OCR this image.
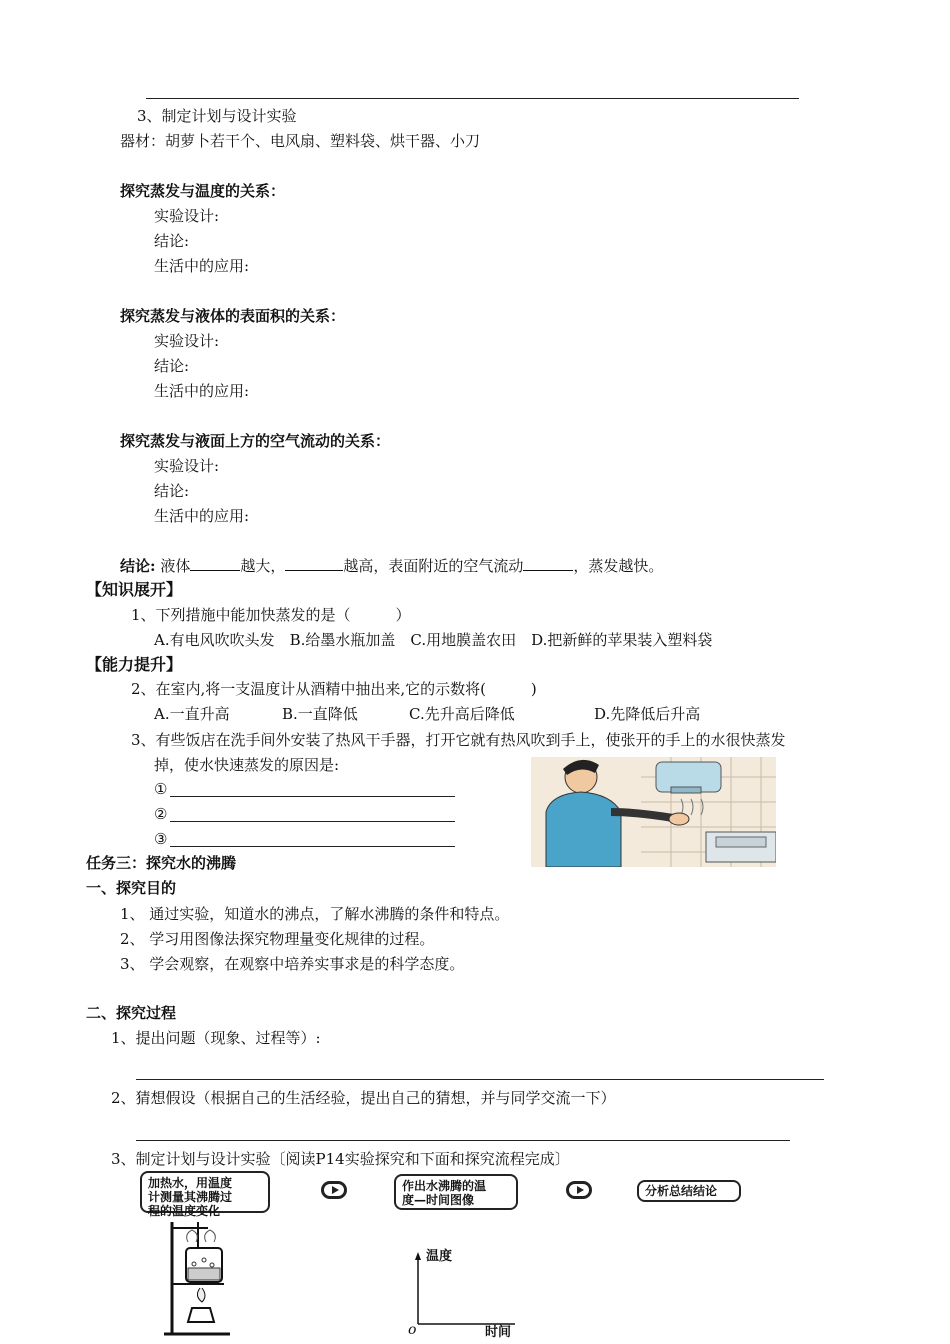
3、制定计划与设计实验
器材：胡萝卜若干个、电风扇、塑料袋、烘干器、小刀
探究蒸发与温度的关系：
实验设计:
结论:
生活中的应用:
探究蒸发与液体的表面积的关系：
实验设计:
结论:
生活中的应用:
探究蒸发与液面上方的空气流动的关系：
实验设计:
结论:
生活中的应用:
结论: 液体	越大，	越高，表面附近的空气流动	，蒸发越快。
【知识展开】
1、下列措施中能加快蒸发的是（　　　）
A.有电风吹吹头发　B.给墨水瓶加盖　C.用地膜盖农田　D.把新鲜的苹果装入塑料袋
【能力提升】
2、在室内,将一支温度计从酒精中抽出来,它的示数将(　　　)
A.一直升高	B.一直降低	C.先升高后降低	D.先降低后升高
3、有些饭店在洗手间外安装了热风干手器，打开它就有热风吹到手上，使张开的手上的水很快蒸发
掉，使水快速蒸发的原因是:
①
②
③
任务三：探究水的沸腾
一、探究目的
1、 通过实验，知道水的沸点，了解水沸腾的条件和特点。
2、 学习用图像法探究物理量变化规律的过程。
3、 学会观察，在观察中培养实事求是的科学态度。
二、探究过程
1、提出问题（现象、过程等）:
2、猜想假设（根据自己的生活经验，提出自己的猜想，并与同学交流一下）
3、制定计划与设计实验〔阅读P14实验探究和下面和探究流程完成〕
加热水，用温度
计测量其沸腾过
程的温度变化
作出水沸腾的温
度—时间图像
分析总结结论
温度
o	时间
